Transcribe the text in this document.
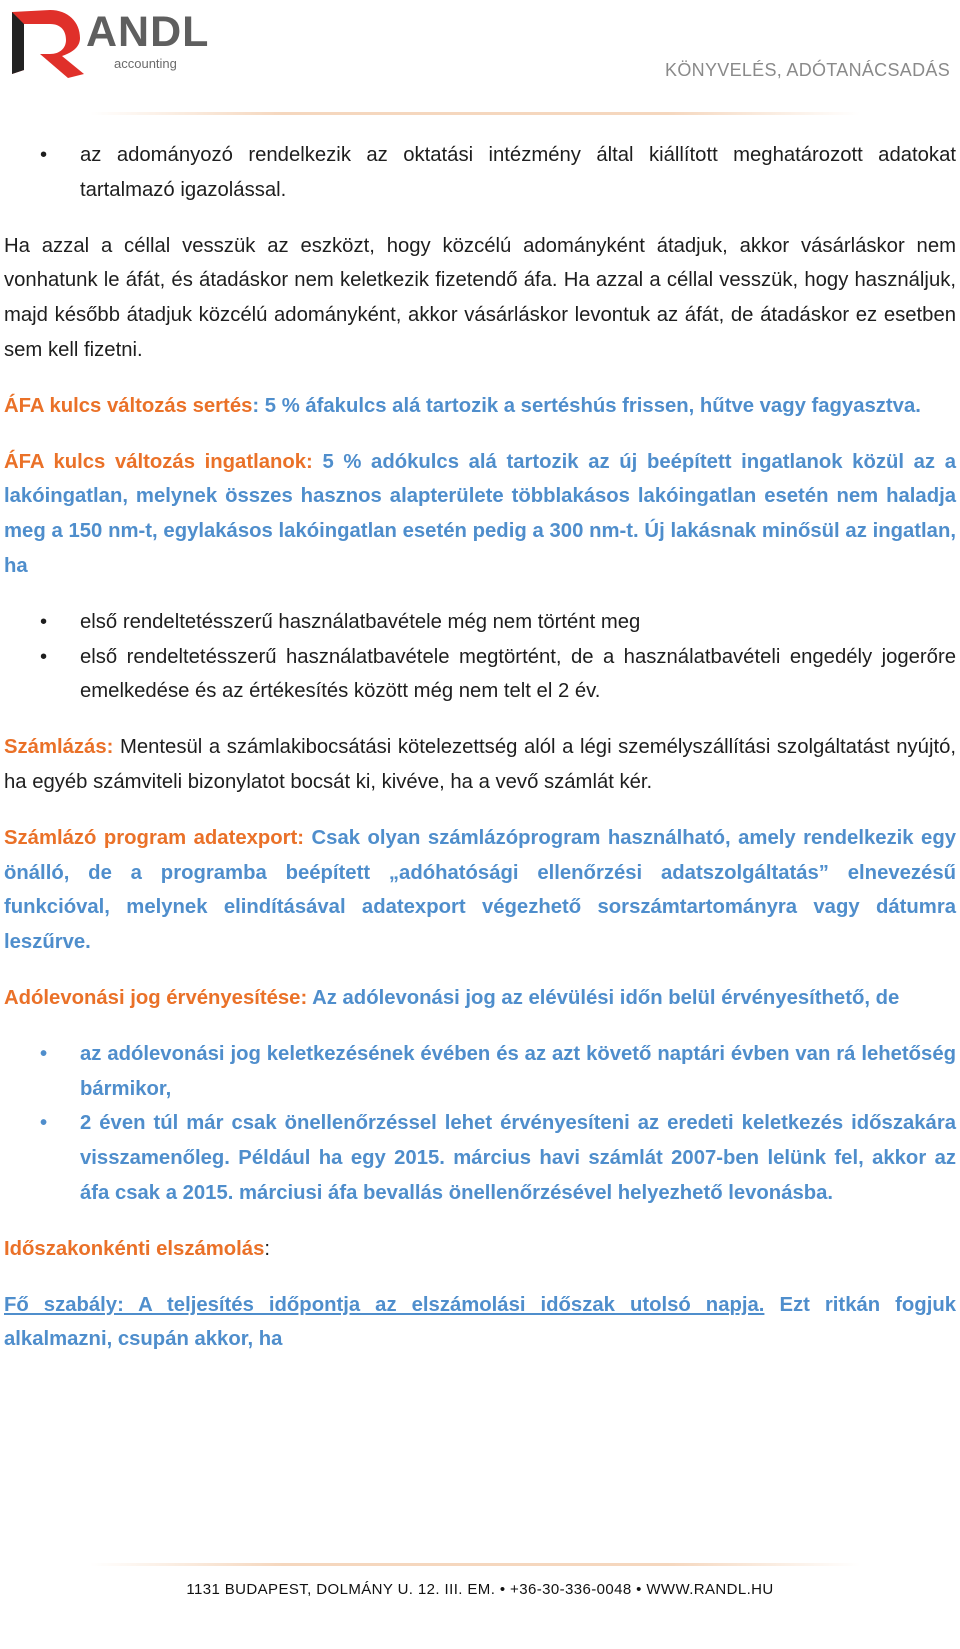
ANDL
accounting	KÖNYVELÉS, ADÓTANÁCSADÁS
• az adományozó rendelkezik az oktatási intézmény által kiállított meghatározott adatokat tartalmazó igazolással.

Ha azzal a céllal vesszük az eszközt, hogy közcélú adományként átadjuk, akkor vásárláskor nem vonhatunk le áfát, és átadáskor nem keletkezik fizetendő áfa. Ha azzal a céllal vesszük, hogy használjuk, majd később átadjuk közcélú adományként, akkor vásárláskor levontuk az áfát, de átadáskor ez esetben sem kell fizetni.

ÁFA kulcs változás sertés: 5 % áfakulcs alá tartozik a sertéshús frissen, hűtve vagy fagyasztva.

ÁFA kulcs változás ingatlanok: 5 % adókulcs alá tartozik az új beépített ingatlanok közül az a lakóingatlan, melynek összes hasznos alapterülete többlakásos lakóingatlan esetén nem haladja meg a 150 nm-t, egylakásos lakóingatlan esetén pedig a 300 nm-t. Új lakásnak minősül az ingatlan, ha

• első rendeltetésszerű használatbavétele még nem történt meg
• első rendeltetésszerű használatbavétele megtörtént, de a használatbavételi engedély jogerőre emelkedése és az értékesítés között még nem telt el 2 év.

Számlázás: Mentesül a számlakibocsátási kötelezettség alól a légi személyszállítási szolgáltatást nyújtó, ha egyéb számviteli bizonylatot bocsát ki, kivéve, ha a vevő számlát kér.

Számlázó program adatexport: Csak olyan számlázóprogram használható, amely rendelkezik egy önálló, de a programba beépített „adóhatósági ellenőrzési adatszolgáltatás” elnevezésű funkcióval, melynek elindításával adatexport végezhető sorszámtartományra vagy dátumra leszűrve.

Adólevonási jog érvényesítése: Az adólevonási jog az elévülési időn belül érvényesíthető, de

• az adólevonási jog keletkezésének évében és az azt követő naptári évben van rá lehetőség bármikor,
• 2 éven túl már csak önellenőrzéssel lehet érvényesíteni az eredeti keletkezés időszakára visszamenőleg. Például ha egy 2015. március havi számlát 2007-ben lelünk fel, akkor az áfa csak a 2015. márciusi áfa bevallás önellenőrzésével helyezhető levonásba.

Időszakonkénti elszámolás:

Fő szabály: A teljesítés időpontja az elszámolási időszak utolsó napja. Ezt ritkán fogjuk alkalmazni, csupán akkor, ha

1131 BUDAPEST, DOLMÁNY U. 12. III. EM. • +36-30-336-0048 • WWW.RANDL.HU
